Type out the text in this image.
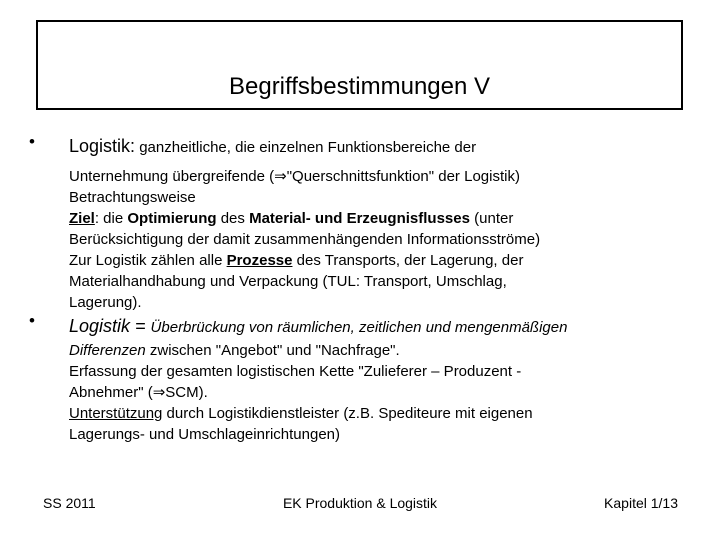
Begriffsbestimmungen V
• Logistik: ganzheitliche, die einzelnen Funktionsbereiche der
Unternehmung übergreifende (⇒"Querschnittsfunktion" der Logistik)
Betrachtungsweise
Ziel: die Optimierung des Material- und Erzeugnisflusses (unter
Berücksichtigung der damit zusammenhängenden Informationsströme)
Zur Logistik zählen alle Prozesse des Transports, der Lagerung, der
Materialhandhabung und Verpackung (TUL: Transport, Umschlag,
Lagerung).
• Logistik = Überbrückung von räumlichen, zeitlichen und mengenmäßigen
Differenzen zwischen "Angebot" und "Nachfrage".
Erfassung der gesamten logistischen Kette "Zulieferer – Produzent -
Abnehmer" (⇒SCM).
Unterstützung durch Logistikdienstleister (z.B. Spediteure mit eigenen
Lagerungs- und Umschlageinrichtungen)
SS 2011	EK Produktion & Logistik	Kapitel 1/13
